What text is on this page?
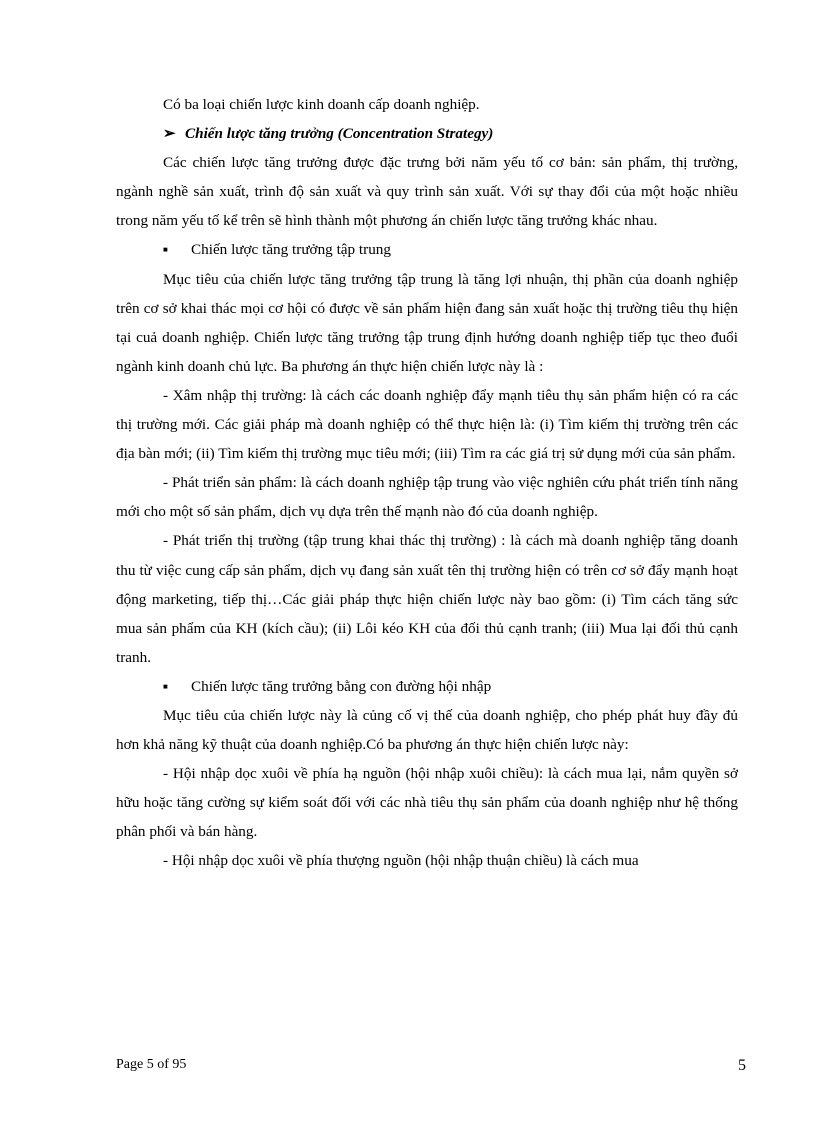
Có ba loại chiến lược kinh doanh cấp doanh nghiệp.

➢ Chiến lược tăng trưởng (Concentration Strategy)

Các chiến lược tăng trưởng được đặc trưng bởi năm yếu tố cơ bản: sản phẩm, thị trường, ngành nghề sản xuất, trình độ sản xuất và quy trình sản xuất. Với sự thay đổi của một hoặc nhiều trong năm yếu tố kể trên sẽ hình thành một phương án chiến lược tăng trưởng khác nhau.

■ Chiến lược tăng trưởng tập trung

Mục tiêu của chiến lược tăng trưởng tập trung là tăng lợi nhuận, thị phần của doanh nghiệp trên cơ sở khai thác mọi cơ hội có được về sản phẩm hiện đang sản xuất hoặc thị trường tiêu thụ hiện tại cuả doanh nghiệp. Chiến lược tăng trưởng tập trung định hướng doanh nghiệp tiếp tục theo đuổi ngành kinh doanh chủ lực. Ba phương án thực hiện chiến lược này là :

- Xâm nhập thị trường: là cách các doanh nghiệp đẩy mạnh tiêu thụ sản phẩm hiện có ra các thị trường mới. Các giải pháp mà doanh nghiệp có thể thực hiện là: (i) Tìm kiếm thị trường trên các địa bàn mới; (ii) Tìm kiếm thị trường mục tiêu mới; (iii) Tìm ra các giá trị sử dụng mới của sản phẩm.

- Phát triển sản phẩm: là cách doanh nghiệp tập trung vào việc nghiên cứu phát triển tính năng mới cho một số sản phẩm, dịch vụ dựa trên thế mạnh nào đó của doanh nghiệp.

- Phát triển thị trường (tập trung khai thác thị trường) : là cách mà doanh nghiệp tăng doanh thu từ việc cung cấp sản phẩm, dịch vụ đang sản xuất tên thị trường hiện có trên cơ sở đẩy mạnh hoạt động marketing, tiếp thị…Các giải pháp thực hiện chiến lược này bao gồm: (i) Tìm cách tăng sức mua sản phẩm của KH (kích cầu); (ii) Lôi kéo KH của đối thủ cạnh tranh; (iii) Mua lại đối thủ cạnh tranh.

■ Chiến lược tăng trưởng bằng con đường hội nhập

Mục tiêu của chiến lược này là củng cố vị thế của doanh nghiệp, cho phép phát huy đầy đủ hơn khả năng kỹ thuật của doanh nghiệp.Có ba phương án thực hiện chiến lược này:

- Hội nhập dọc xuôi về phía hạ nguồn (hội nhập xuôi chiều): là cách mua lại, nắm quyền sở hữu hoặc tăng cường sự kiểm soát đối với các nhà tiêu thụ sản phẩm của doanh nghiệp như hệ thống phân phối và bán hàng.

- Hội nhập dọc xuôi về phía thượng nguồn (hội nhập thuận chiều) là cách mua

Page 5 of 95	5
